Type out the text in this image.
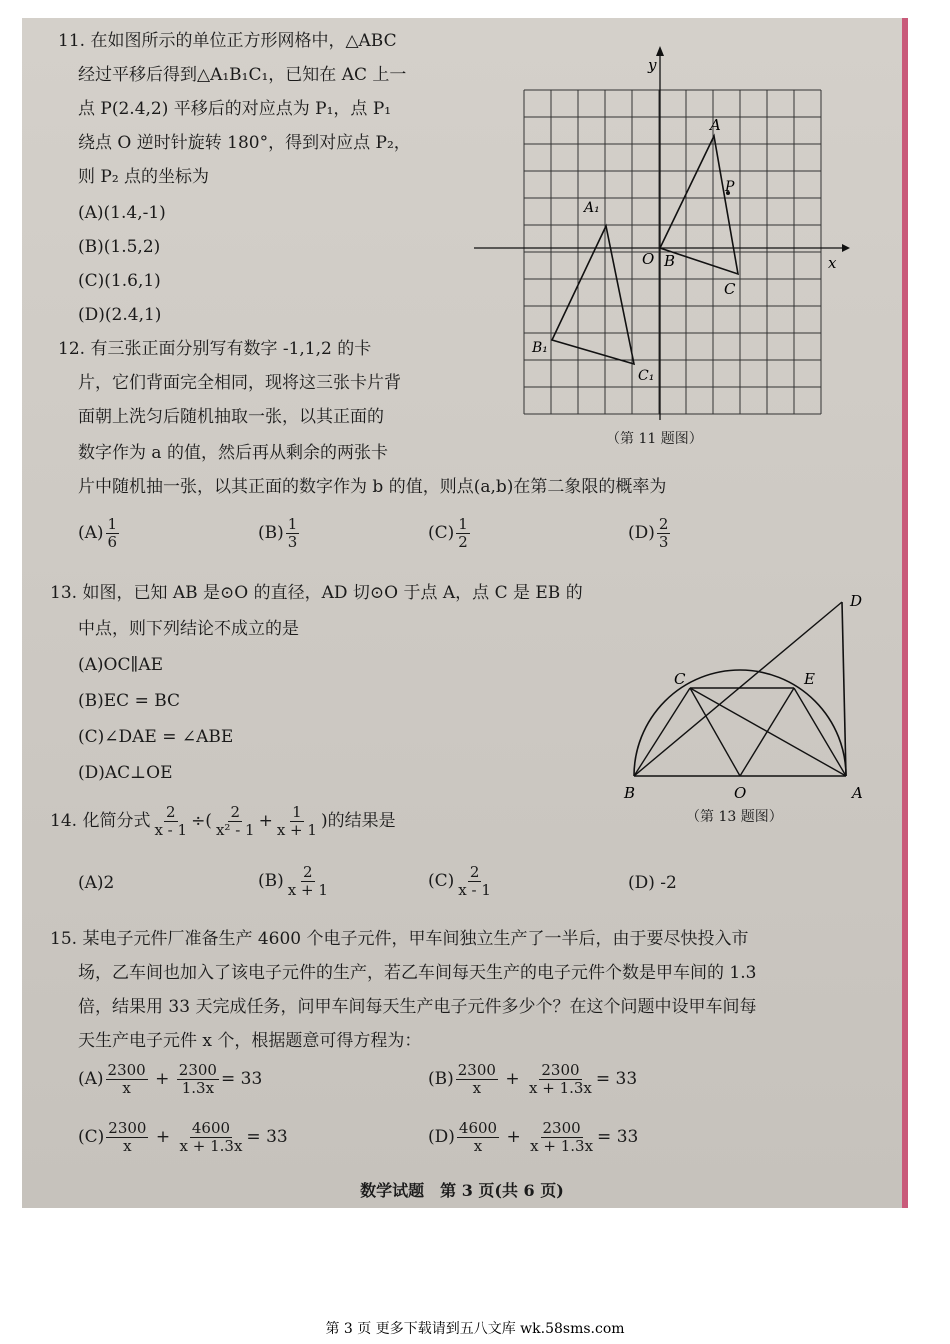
11. 在如图所示的单位正方形网格中，△ABC
经过平移后得到△A₁B₁C₁，已知在 AC 上一
点 P(2.4,2) 平移后的对应点为 P₁，点 P₁
绕点 O 逆时针旋转 180°，得到对应点 P₂，
则 P₂ 点的坐标为
(A)(1.4,-1)
(B)(1.5,2)
(C)(1.6,1)
(D)(2.4,1)
y
x
A
P
O B
C
A₁
B₁
C₁
（第 11 题图）
12. 有三张正面分别写有数字 -1,1,2 的卡
片，它们背面完全相同，现将这三张卡片背
面朝上洗匀后随机抽取一张，以其正面的
数字作为 a 的值，然后再从剩余的两张卡
片中随机抽一张，以其正面的数字作为 b 的值，则点(a,b)在第二象限的概率为
$(A) \frac{1}{6}$	$(B) \frac{1}{3}$	$(C) \frac{1}{2}$	$(D) \frac{2}{3}$
13. 如图，已知 AB 是⊙O 的直径，AD 切⊙O 于点 A，点 C 是 EB 的
中点，则下列结论不成立的是
(A)OC∥AE
(B)EC = BC
(C)∠DAE = ∠ABE
(D)AC⊥OE
D
C	E
B	O	A
（第 13 题图）
14. 化简分式 $\frac{2}{x - 1}$ ÷( $\frac{2}{\text{x² - 1}} + \frac{1}{x + 1}$ )的结果是
(A)2	$(B) \frac{2}{x + 1}$	$(C) \frac{2}{x - 1}$	(D) -2
15. 某电子元件厂准备生产 4600 个电子元件，甲车间独立生产了一半后，由于要尽快投入市
场，乙车间也加入了该电子元件的生产，若乙车间每天生产的电子元件个数是甲车间的 1.3
倍，结果用 33 天完成任务，问甲车间每天生产电子元件多少个？在这个问题中设甲车间每
天生产电子元件 x 个，根据题意可得方程为：
$(A) \frac{2300}{x} + \frac{2300}{1.3x} = 33$	$(B) \frac{2300}{x} + \frac{2300}{x + 1.3x} = 33$
$(C) \frac{2300}{x} + \frac{4600}{x + 1.3x} = 33$	$(D) \frac{4600}{x} + \frac{2300}{x + 1.3x} = 33$
数学试题　第 3 页(共 6 页)
第 3 页 更多下载请到五八文库 wk.58sms.com
